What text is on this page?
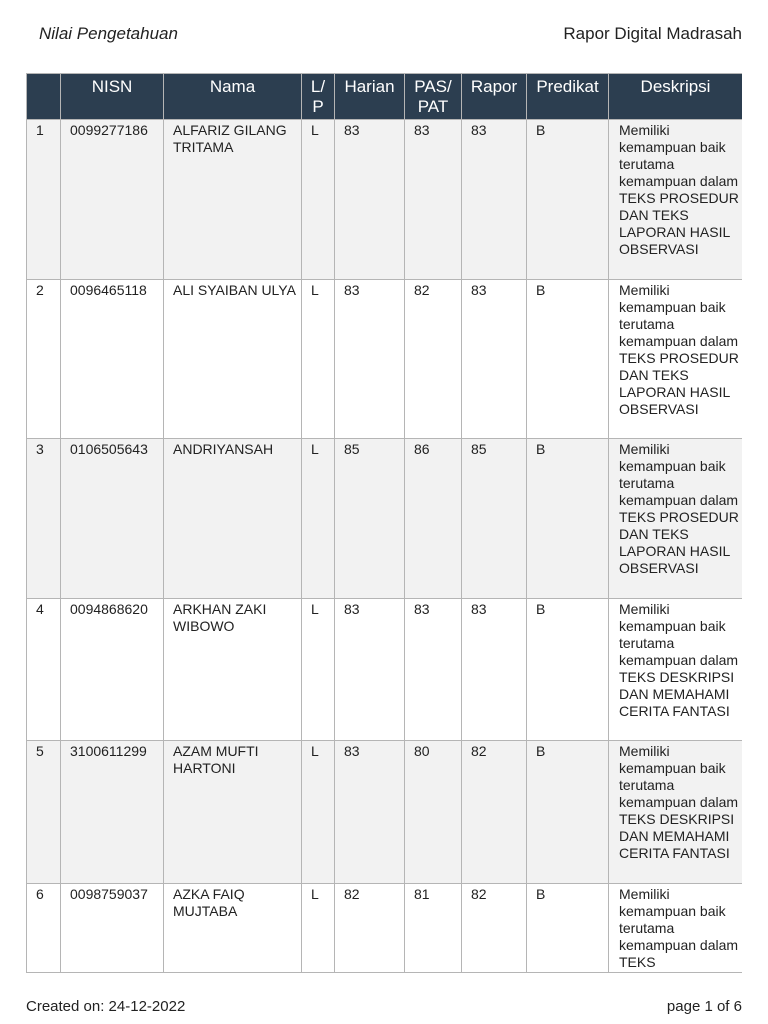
Nilai Pengetahuan	Rapor Digital Madrasah
	NISN	Nama	L/ P	Harian	PAS/ PAT	Rapor	Predikat	Deskripsi
1	0099277186	ALFARIZ GILANG TRITAMA	L	83	83	83	B	Memiliki kemampuan baik terutama kemampuan dalam TEKS PROSEDUR DAN TEKS LAPORAN HASIL OBSERVASI
2	0096465118	ALI SYAIBAN ULYA	L	83	82	83	B	Memiliki kemampuan baik terutama kemampuan dalam TEKS PROSEDUR DAN TEKS LAPORAN HASIL OBSERVASI
3	0106505643	ANDRIYANSAH	L	85	86	85	B	Memiliki kemampuan baik terutama kemampuan dalam TEKS PROSEDUR DAN TEKS LAPORAN HASIL OBSERVASI
4	0094868620	ARKHAN ZAKI WIBOWO	L	83	83	83	B	Memiliki kemampuan baik terutama kemampuan dalam TEKS DESKRIPSI DAN MEMAHAMI CERITA FANTASI
5	3100611299	AZAM MUFTI HARTONI	L	83	80	82	B	Memiliki kemampuan baik terutama kemampuan dalam TEKS DESKRIPSI DAN MEMAHAMI CERITA FANTASI
6	0098759037	AZKA FAIQ MUJTABA	L	82	81	82	B	Memiliki kemampuan baik terutama kemampuan dalam TEKS
Created on: 24-12-2022	page 1 of 6
